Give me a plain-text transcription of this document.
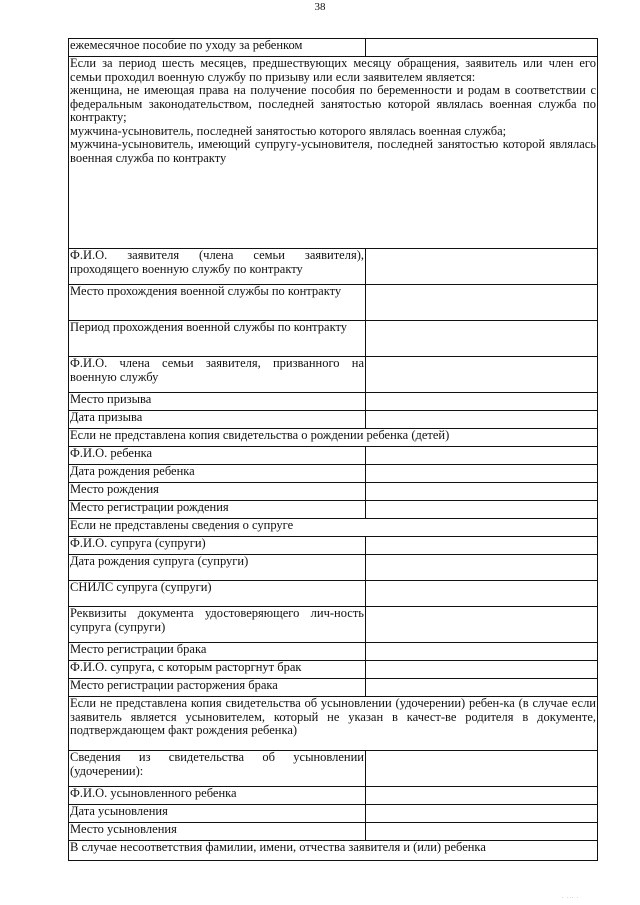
38
ежемесячное пособие по уходу за ребенком	

Если за период шесть месяцев, предшествующих месяцу обращения, заявитель или член его семьи проходил военную службу по призыву или если заявителем является:
женщина, не имеющая права на получение пособия по беременности и родам в соответствии с федеральным законодательством, последней занятостью которой являлась военная служба по контракту;
мужчина-усыновитель, последней занятостью которого являлась военная служба;
мужчина-усыновитель, имеющий супругу-усыновителя, последней занятостью которой являлась военная служба по контракту	

Ф.И.О. заявителя (члена семьи заявителя), проходящего военную службу по контракту	
Место прохождения военной службы по контракту	
Период прохождения военной службы по контракту	
Ф.И.О. члена семьи заявителя, призванного на военную службу	
Место призыва	
Дата призыва	

Если не представлена копия свидетельства о рождении ребенка (детей)	

Ф.И.О. ребенка	
Дата рождения ребенка	
Место рождения	
Место регистрации рождения	

Если не представлены сведения о супруге	

Ф.И.О. супруга (супруги)	
Дата рождения супруга (супруги)	
СНИЛС супруга (супруги)	
Реквизиты документа удостоверяющего лич-ность супруга (супруги)	
Место регистрации брака	
Ф.И.О. супруга, с которым расторгнут брак	
Место регистрации расторжения брака	

Если не представлена копия свидетельства об усыновлении (удочерении) ребен-ка (в случае если заявитель является усыновителем, который не указан в качест-ве родителя в документе, подтверждающем факт рождения ребенка)	

Сведения из свидетельства об усыновлении (удочерении):	
Ф.И.О. усыновленного ребенка	
Дата усыновления	
Место усыновления	

В случае несоответствия фамилии, имени, отчества заявителя и (или) ребенка	
. ... .
